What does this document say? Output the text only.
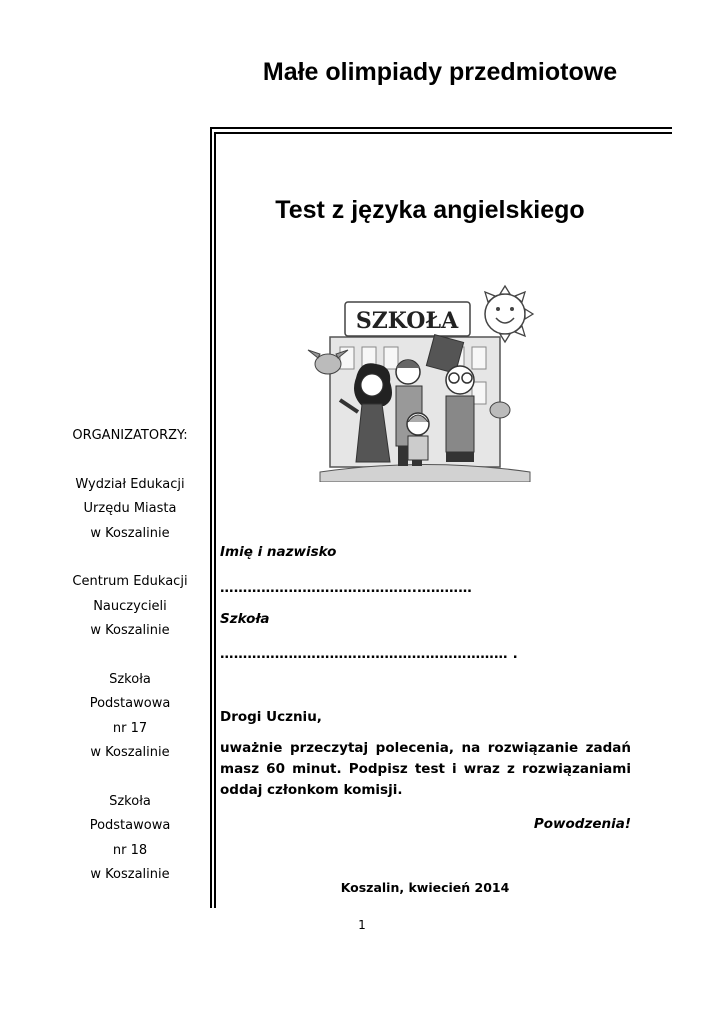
Małe olimpiady przedmiotowe
Test z języka angielskiego
SZKOŁA
ORGANIZATORZY:
Wydział Edukacji
Urzędu Miasta
w Koszalinie
Centrum Edukacji
Nauczycieli
w Koszalinie
Szkoła
Podstawowa
nr 17
w Koszalinie
Szkoła
Podstawowa
nr 18
w Koszalinie
Imię i nazwisko
…………………………………….…………
Szkoła
……………………………………………………… .
Drogi Uczniu,
uważnie przeczytaj polecenia, na rozwiązanie zadań masz 60 minut. Podpisz test i wraz z rozwiązaniami oddaj członkom komisji.
Powodzenia!
Koszalin, kwiecień 2014
1
